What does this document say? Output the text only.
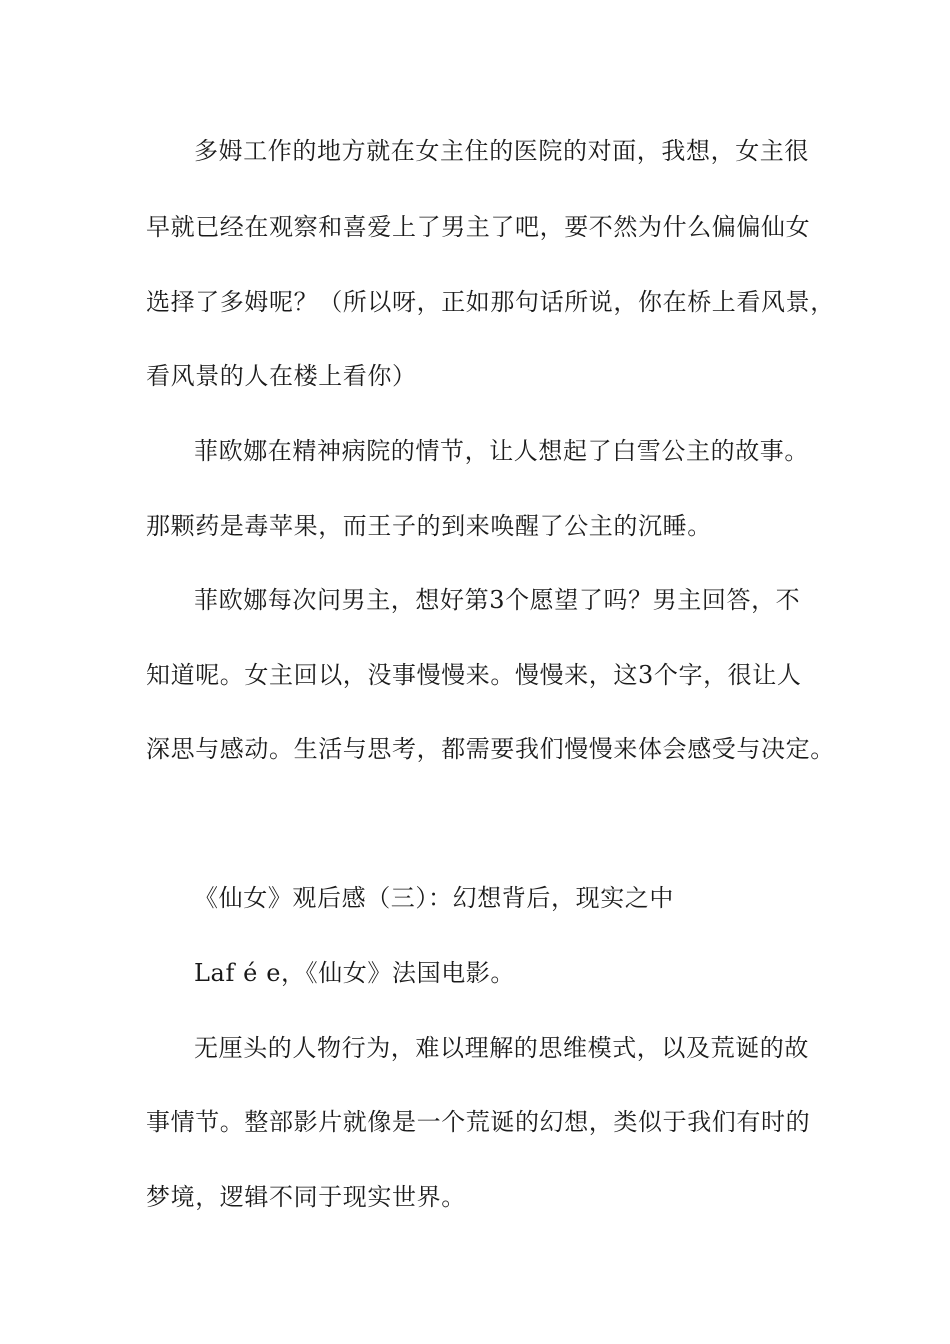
多姆工作的地方就在女主住的医院的对面，我想，女主很

早就已经在观察和喜爱上了男主了吧，要不然为什么偏偏仙女

选择了多姆呢？（所以呀，正如那句话所说，你在桥上看风景，

看风景的人在楼上看你）

菲欧娜在精神病院的情节，让人想起了白雪公主的故事。

那颗药是毒苹果，而王子的到来唤醒了公主的沉睡。

菲欧娜每次问男主，想好第3个愿望了吗？男主回答，不

知道呢。女主回以，没事慢慢来。慢慢来，这3个字，很让人

深思与感动。生活与思考，都需要我们慢慢来体会感受与决定。

《仙女》观后感（三）：幻想背后，现实之中

Laf é e，《仙女》法国电影。

无厘头的人物行为，难以理解的思维模式，以及荒诞的故

事情节。整部影片就像是一个荒诞的幻想，类似于我们有时的

梦境，逻辑不同于现实世界。
